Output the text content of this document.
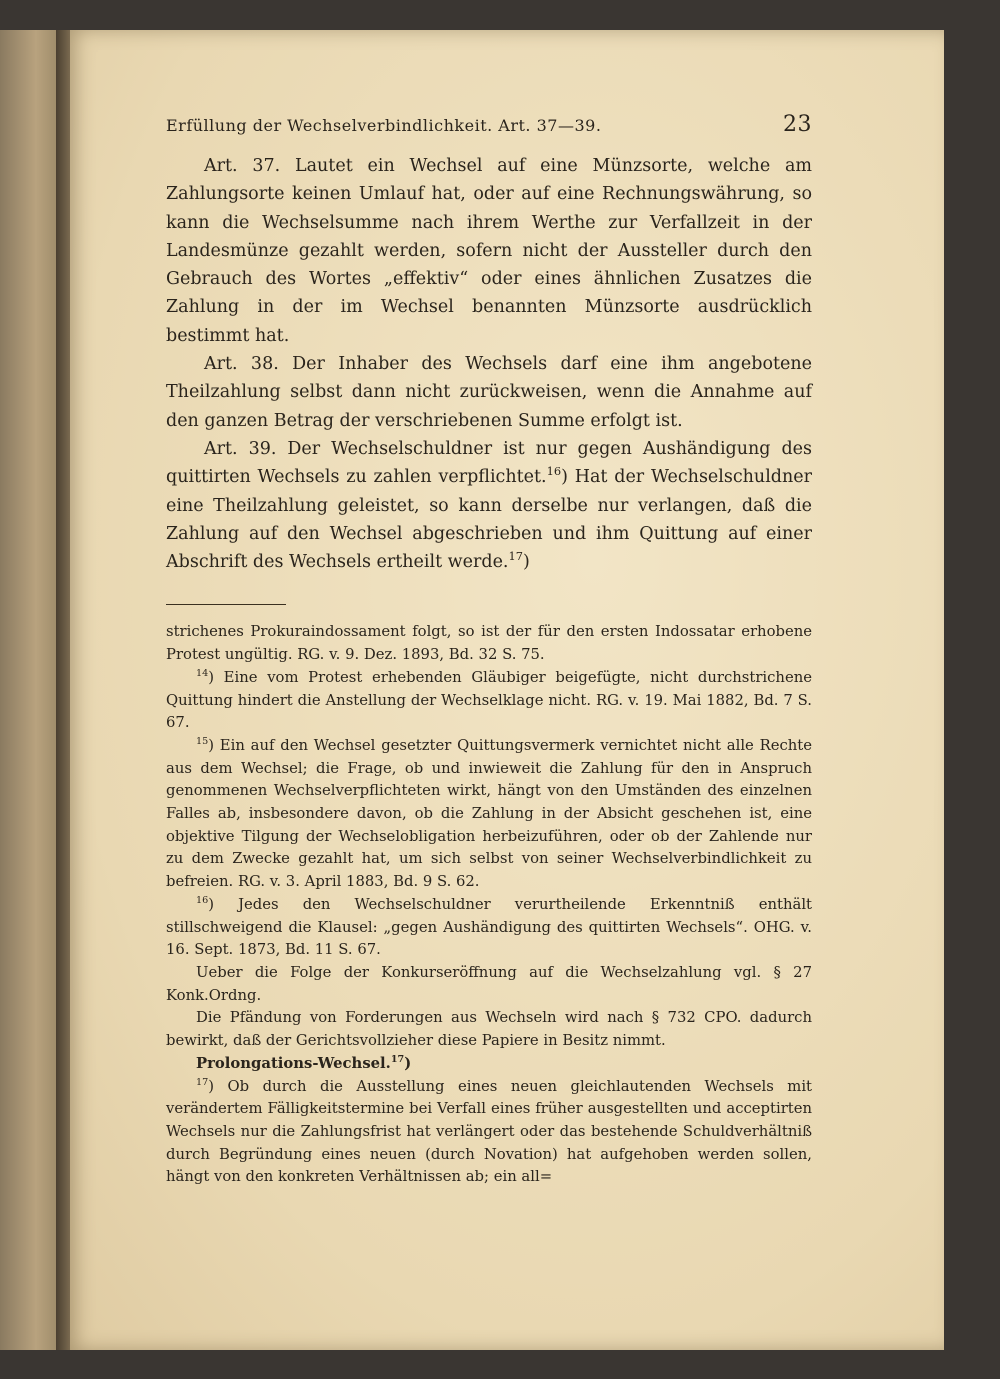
Erfüllung der Wechselverbindlichkeit. Art. 37—39.	23

Art. 37. Lautet ein Wechsel auf eine Münzsorte, welche am Zahlungsorte keinen Umlauf hat, oder auf eine Rechnungswährung, so kann die Wechselsumme nach ihrem Werthe zur Verfallzeit in der Landesmünze gezahlt werden, sofern nicht der Aussteller durch den Gebrauch des Wortes „effektiv“ oder eines ähnlichen Zusatzes die Zahlung in der im Wechsel benannten Münzsorte ausdrücklich bestimmt hat.

Art. 38. Der Inhaber des Wechsels darf eine ihm angebotene Theilzahlung selbst dann nicht zurückweisen, wenn die Annahme auf den ganzen Betrag der verschriebenen Summe erfolgt ist.

Art. 39. Der Wechselschuldner ist nur gegen Aushändigung des quittirten Wechsels zu zahlen verpflichtet.$^{16}$) Hat der Wechselschuldner eine Theilzahlung geleistet, so kann derselbe nur verlangen, daß die Zahlung auf den Wechsel abgeschrieben und ihm Quittung auf einer Abschrift des Wechsels ertheilt werde.$^{17}$)

strichenes Prokuraindossament folgt, so ist der für den ersten Indossatar erhobene Protest ungültig. RG. v. 9. Dez. 1893, Bd. 32 S. 75.

$^{14}$) Eine vom Protest erhebenden Gläubiger beigefügte, nicht durchstrichene Quittung hindert die Anstellung der Wechselklage nicht. RG. v. 19. Mai 1882, Bd. 7 S. 67.

$^{15}$) Ein auf den Wechsel gesetzter Quittungsvermerk vernichtet nicht alle Rechte aus dem Wechsel; die Frage, ob und inwieweit die Zahlung für den in Anspruch genommenen Wechselverpflichteten wirkt, hängt von den Umständen des einzelnen Falles ab, insbesondere davon, ob die Zahlung in der Absicht geschehen ist, eine objektive Tilgung der Wechselobligation herbeizuführen, oder ob der Zahlende nur zu dem Zwecke gezahlt hat, um sich selbst von seiner Wechselverbindlichkeit zu befreien. RG. v. 3. April 1883, Bd. 9 S. 62.

$^{16}$) Jedes den Wechselschuldner verurtheilende Erkenntniß enthält stillschweigend die Klausel: „gegen Aushändigung des quittirten Wechsels“. OHG. v. 16. Sept. 1873, Bd. 11 S. 67.

Ueber die Folge der Konkurseröffnung auf die Wechselzahlung vgl. § 27 Konk.Ordng.

Die Pfändung von Forderungen aus Wechseln wird nach § 732 CPO. dadurch bewirkt, daß der Gerichtsvollzieher diese Papiere in Besitz nimmt.

Prolongations-Wechsel.$^{17}$)

$^{17}$) Ob durch die Ausstellung eines neuen gleichlautenden Wechsels mit verändertem Fälligkeitstermine bei Verfall eines früher ausgestellten und acceptirten Wechsels nur die Zahlungsfrist hat verlängert oder das bestehende Schuldverhältniß durch Begründung eines neuen (durch Novation) hat aufgehoben werden sollen, hängt von den konkreten Verhältnissen ab; ein all=
